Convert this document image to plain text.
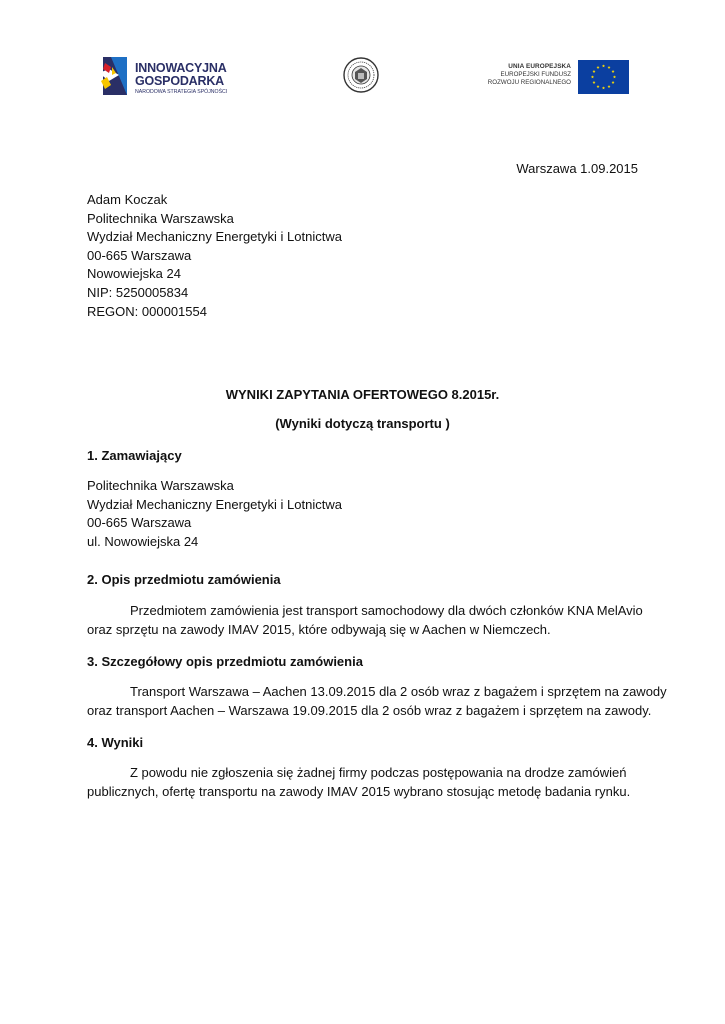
INNOWACYJNA
GOSPODARKA
NARODOWA STRATEGIA SPÓJNOŚCI
UNIA EUROPEJSKA
EUROPEJSKI FUNDUSZ
ROZWOJU REGIONALNEGO
Warszawa 1.09.2015
Adam Koczak
Politechnika Warszawska
Wydział Mechaniczny Energetyki i Lotnictwa
00-665 Warszawa
Nowowiejska 24
NIP: 5250005834
REGON: 000001554
WYNIKI ZAPYTANIA OFERTOWEGO 8.2015r.
(Wyniki dotyczą transportu )
1. Zamawiający
Politechnika Warszawska
Wydział Mechaniczny Energetyki i Lotnictwa
00-665 Warszawa
ul. Nowowiejska 24
2. Opis przedmiotu zamówienia
Przedmiotem zamówienia jest transport samochodowy dla dwóch członków KNA MelAvio
oraz sprzętu na zawody IMAV 2015, które odbywają się w Aachen w Niemczech.
3. Szczegółowy opis przedmiotu zamówienia
Transport Warszawa – Aachen 13.09.2015 dla 2 osób wraz z bagażem i sprzętem na zawody
oraz transport Aachen – Warszawa 19.09.2015 dla 2 osób wraz z bagażem i sprzętem na zawody.
4. Wyniki
Z powodu nie zgłoszenia się żadnej firmy podczas postępowania na drodze zamówień
publicznych, ofertę transportu na zawody IMAV 2015 wybrano stosując metodę badania rynku.
